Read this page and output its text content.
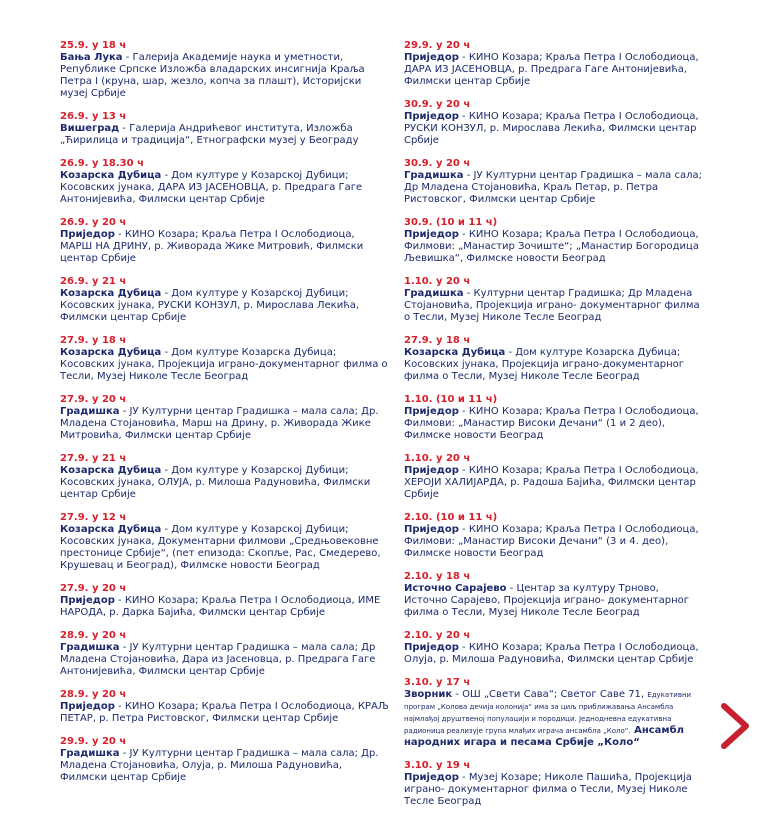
25.9. у 18 ч
Бања Лука - Галерија Академије наука и уметности, Републике Српске Изложба владарских инсигнија Краља Петра I (круна, шар, жезло, копча за плашт), Историјски музеј Србије
26.9. у 13 ч
Вишеград - Галерија Андрићевог института, Изложба „Ћирилица и традиција“, Етнографски музеј у Београду
26.9. у 18.30 ч
Козарска Дубица - Дом културе у Козарској Дубици; Косовских јунака, ДАРА ИЗ ЈАСЕНОВЦА, р. Предрага Гаге Антонијевића, Филмски центар Србије
26.9. у 20 ч
Приједор - КИНО Козара; Краља Петра I Ослободиоца, МАРШ НА ДРИНУ, р. Живорада Жике Митровић, Филмски центар Србије
26.9. у 21 ч
Козарска Дубица - Дом културе у Козарској Дубици; Косовских јунака, РУСКИ КОНЗУЛ, р. Мирослава Лекића, Филмски центар Србије
27.9. у 18 ч
Козарска Дубица - Дом културе Козарска Дубица; Косовских јунака, Пројекција играно-документарног филма о Тесли, Музеј Николе Тесле Београд
27.9. у 20 ч
Градишка - ЈУ Културни центар Градишка – мала сала; Др. Младена Стојановића, Марш на Дрину, р. Живорада Жике Митровића, Филмски центар Србије
27.9. у 21 ч
Козарска Дубица - Дом културе у Козарској Дубици; Косовских јунака, ОЛУЈА, р. Милоша Радуновића, Филмски центар Србије
27.9. у 12 ч
Козарска Дубица - Дом културе у Козарској Дубици; Косовских јунака, Документарни филмови „Средњовековне престонице Србије“, (пет епизода: Скопље, Рас, Смедерево, Крушевац и Београд), Филмске новости Београд
27.9. у 20 ч
Приједор - КИНО Козара; Краља Петра I Ослободиоца, ИМЕ НАРОДА, р. Дарка Бајића, Филмски центар Србије
28.9. у 20 ч
Градишка - ЈУ Културни центар Градишка – мала сала; Др Младена Стојановића, Дара из Јасеновца, р. Предрага Гаге Антонијевића, Филмски центар Србије
28.9. у 20 ч
Приједор - КИНО Козара; Краља Петра I Ослободиоца, КРАЉ ПЕТАР, р. Петра Ристовског, Филмски центар Србије
29.9. у 20 ч
Градишка - ЈУ Културни центар Градишка – мала сала; Др. Младена Стојановића, Олуја, р. Милоша Радуновића, Филмски центар Србије
29.9. у 20 ч
Приједор - КИНО Козара; Краља Петра I Ослободиоца, ДАРА ИЗ ЈАСЕНОВЦА, р. Предрага Гаге Антонијевића, Филмски центар Србије
30.9. у 20 ч
Приједор - КИНО Козара; Краља Петра I Ослободиоца, РУСКИ КОНЗУЛ, р. Мирослава Лекића, Филмски центар Србије
30.9. у 20 ч
Градишка - ЈУ Културни центар Градишка – мала сала; Др Младена Стојановића, Краљ Петар, р. Петра Ристовског, Филмски центар Србије
30.9. (10 и 11 ч)
Приједор - КИНО Козара; Краља Петра I Ослободиоца, Филмови: „Манастир Зочиште“; „Манастир Богородица Љевишка“, Филмске новости Београд
1.10. у 20 ч
Градишка - Културни центар Градишка; Др Младена Стојановића, Пројекција играно- документарног филма о Тесли, Музеј Николе Тесле Београд
27.9. у 18 ч
Козарска Дубица - Дом културе Козарска Дубица; Косовских јунака, Пројекција играно-документарног филма о Тесли, Музеј Николе Тесле Београд
1.10. (10 и 11 ч)
Приједор - КИНО Козара; Краља Петра I Ослободиоца, Филмови: „Манастир Високи Дечани“ (1 и 2 део), Филмске новости Београд
1.10. у 20 ч
Приједор - КИНО Козара; Краља Петра I Ослободиоца, ХЕРОЈИ ХАЛИЈАРДА, р. Радоша Бајића, Филмски центар Србије
2.10. (10 и 11 ч)
Приједор - КИНО Козара; Краља Петра I Ослободиоца, Филмови: „Манастир Високи Дечани“ (3 и 4. део), Филмске новости Београд
2.10. у 18 ч
Источно Сарајево - Центар за културу Трново, Источно Сарајево, Пројекција играно- документарног филма о Тесли, Музеј Николе Тесле Београд
2.10. у 20 ч
Приједор - КИНО Козара; Краља Петра I Ослободиоца, Олуја, р. Милоша Радуновића, Филмски центар Србије
3.10. у 17 ч
Зворник - ОШ „Свети Сава“; Светог Саве 71, Едукативни програм „Колова дечија колонија“ има за циљ приближавања Ансамбла најмлађој друштвеној популацији и породици. Једнодневна едукативна радионица реализује група млађих играча ансамбла „Коло“. Ансамбл народних игара и песама Србије „Коло“
3.10. у 19 ч
Приједор - Музеј Козаре; Николе Пашића, Пројекција играно- документарног филма о Тесли, Музеј Николе Тесле Београд
